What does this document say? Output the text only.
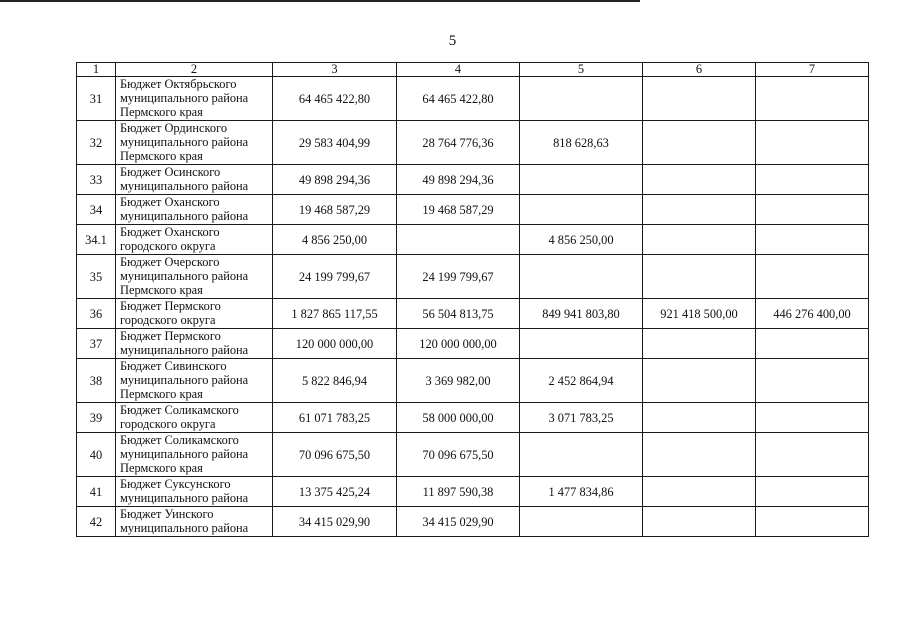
5
1	2	3	4	5	6	7
31	Бюджет Октябрьского
муниципального района
Пермского края	64 465 422,80	64 465 422,80			
32	Бюджет Ординского
муниципального района
Пермского края	29 583 404,99	28 764 776,36	818 628,63		
33	Бюджет Осинского
муниципального района	49 898 294,36	49 898 294,36			
34	Бюджет Оханского
муниципального района	19 468 587,29	19 468 587,29			
34.1	Бюджет Оханского
городского округа	4 856 250,00		4 856 250,00		
35	Бюджет Очерского
муниципального района
Пермского края	24 199 799,67	24 199 799,67			
36	Бюджет Пермского
городского округа	1 827 865 117,55	56 504 813,75	849 941 803,80	921 418 500,00	446 276 400,00
37	Бюджет Пермского
муниципального района	120 000 000,00	120 000 000,00			
38	Бюджет Сивинского
муниципального района
Пермского края	5 822 846,94	3 369 982,00	2 452 864,94		
39	Бюджет Соликамского
городского округа	61 071 783,25	58 000 000,00	3 071 783,25		
40	Бюджет Соликамского
муниципального района
Пермского края	70 096 675,50	70 096 675,50			
41	Бюджет Суксунского
муниципального района	13 375 425,24	11 897 590,38	1 477 834,86		
42	Бюджет Уинского
муниципального района	34 415 029,90	34 415 029,90			
